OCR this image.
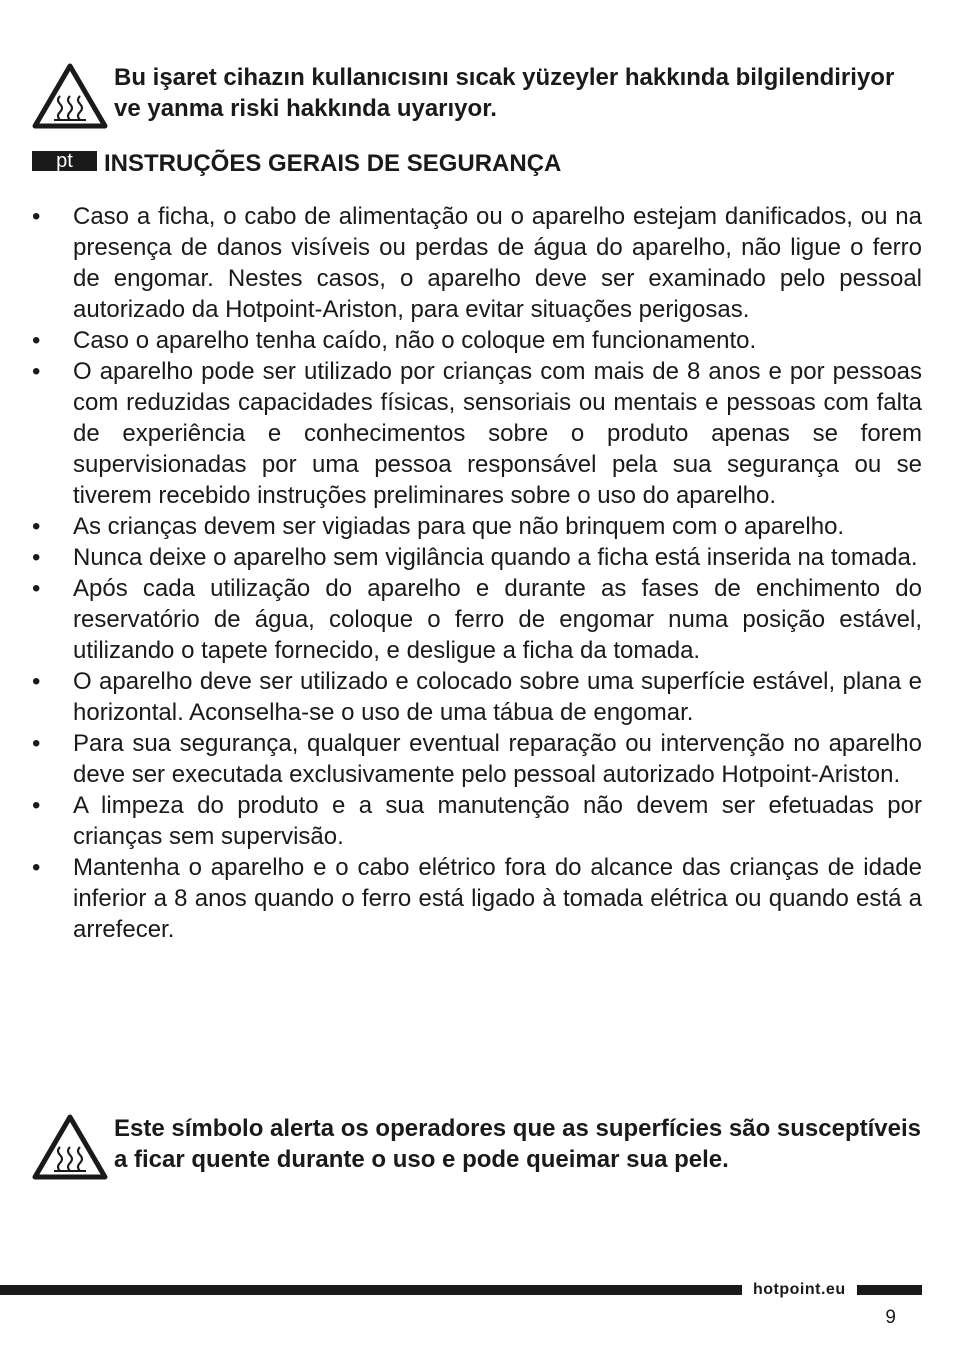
Bu işaret cihazın kullanıcısını sıcak yüzeyler hakkında bilgilendiriyor ve yanma riski hakkında uyarıyor.

pt	INSTRUÇÕES GERAIS DE SEGURANÇA
•	Caso a ficha, o cabo de alimentação ou o aparelho estejam danificados, ou na presença de danos visíveis ou perdas de água do aparelho, não ligue o ferro de engomar. Nestes casos, o aparelho deve ser examinado pelo pessoal autorizado da Hotpoint-Ariston, para evitar situações perigosas.
•	Caso o aparelho tenha caído, não o coloque em funcionamento.
•	O aparelho pode ser utilizado por crianças com mais de 8 anos e por pessoas com reduzidas capacidades físicas, sensoriais ou mentais e pessoas com falta de experiência e conhecimentos sobre o produto apenas se forem supervisionadas por uma pessoa responsável pela sua segurança ou se tiverem recebido instruções preliminares sobre o uso do aparelho.
•	As crianças devem ser vigiadas para que não brinquem com o aparelho.
•	Nunca deixe o aparelho sem vigilância quando a ficha está inserida na tomada.
•	Após cada utilização do aparelho e durante as fases de enchimento do reservatório de água, coloque o ferro de engomar numa posição estável, utilizando o tapete fornecido, e desligue a ficha da tomada.
•	O aparelho deve ser utilizado e colocado sobre uma superfície estável, plana e horizontal. Aconselha-se o uso de uma tábua de engomar.
•	Para sua segurança, qualquer eventual reparação ou intervenção no aparelho deve ser executada exclusivamente pelo pessoal autorizado Hotpoint-Ariston.
•	A limpeza do produto e a sua manutenção não devem ser efetuadas por crianças sem supervisão.
•	Mantenha o aparelho e o cabo elétrico fora do alcance das crianças de idade inferior a 8 anos quando o ferro está ligado à tomada elétrica ou quando está a arrefecer.

Este símbolo alerta os operadores que as superfícies são susceptíveis a ficar quente durante o uso e pode queimar sua pele.

hotpoint.eu
9
